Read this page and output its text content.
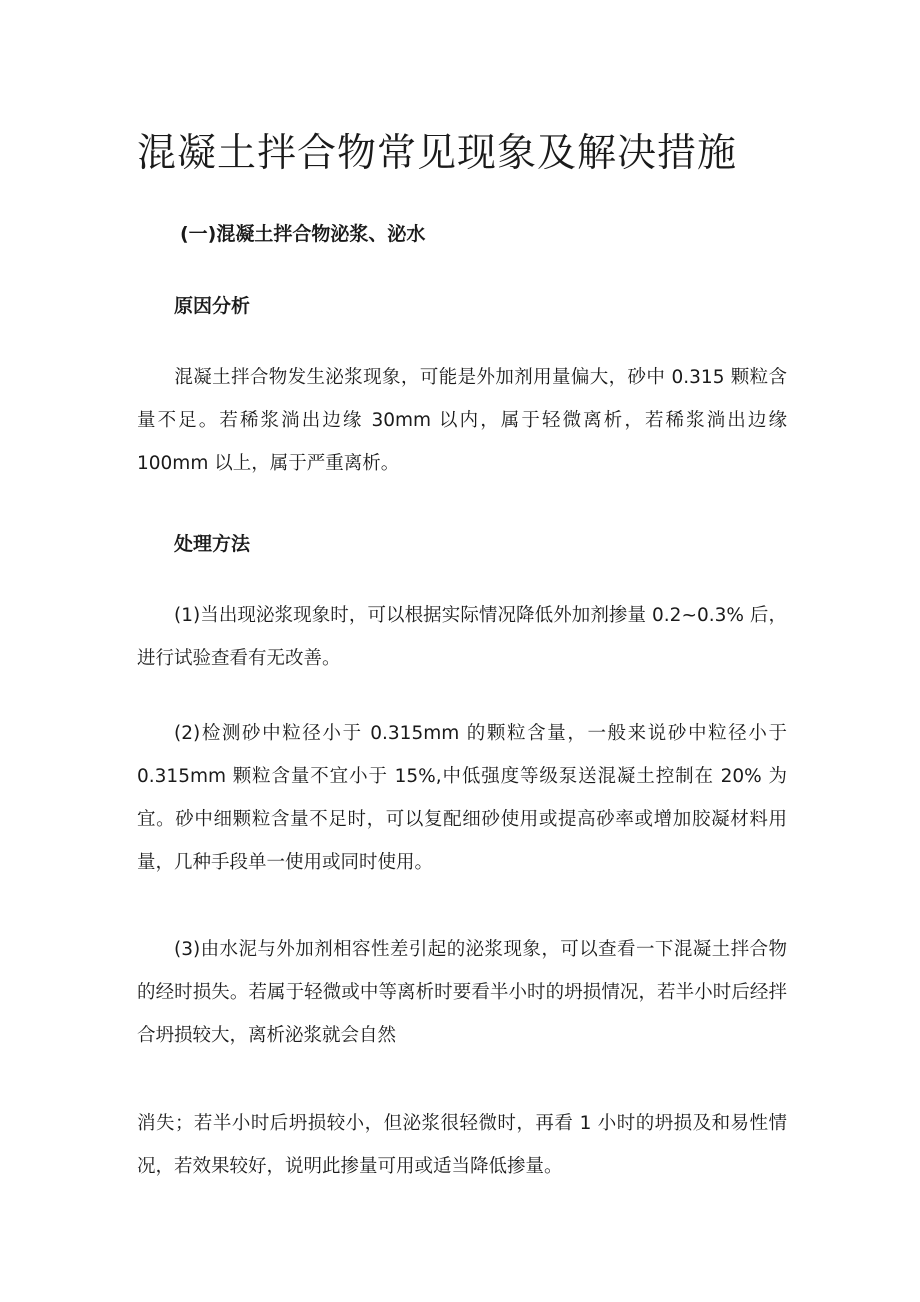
混凝土拌合物常见现象及解决措施
(一)混凝土拌合物泌浆、泌水
原因分析
混凝土拌合物发生泌浆现象，可能是外加剂用量偏大，砂中 0.315 颗粒含量不足。若稀浆淌出边缘 30mm 以内，属于轻微离析，若稀浆淌出边缘 100mm 以上，属于严重离析。
处理方法
(1)当出现泌浆现象时，可以根据实际情况降低外加剂掺量 0.2~0.3% 后，进行试验查看有无改善。
(2)检测砂中粒径小于 0.315mm 的颗粒含量，一般来说砂中粒径小于 0.315mm 颗粒含量不宜小于 15%,中低强度等级泵送混凝土控制在 20% 为宜。砂中细颗粒含量不足时，可以复配细砂使用或提高砂率或增加胶凝材料用量，几种手段单一使用或同时使用。
(3)由水泥与外加剂相容性差引起的泌浆现象，可以查看一下混凝土拌合物的经时损失。若属于轻微或中等离析时要看半小时的坍损情况，若半小时后经拌合坍损较大，离析泌浆就会自然
消失；若半小时后坍损较小，但泌浆很轻微时，再看 1 小时的坍损及和易性情况，若效果较好，说明此掺量可用或适当降低掺量。
